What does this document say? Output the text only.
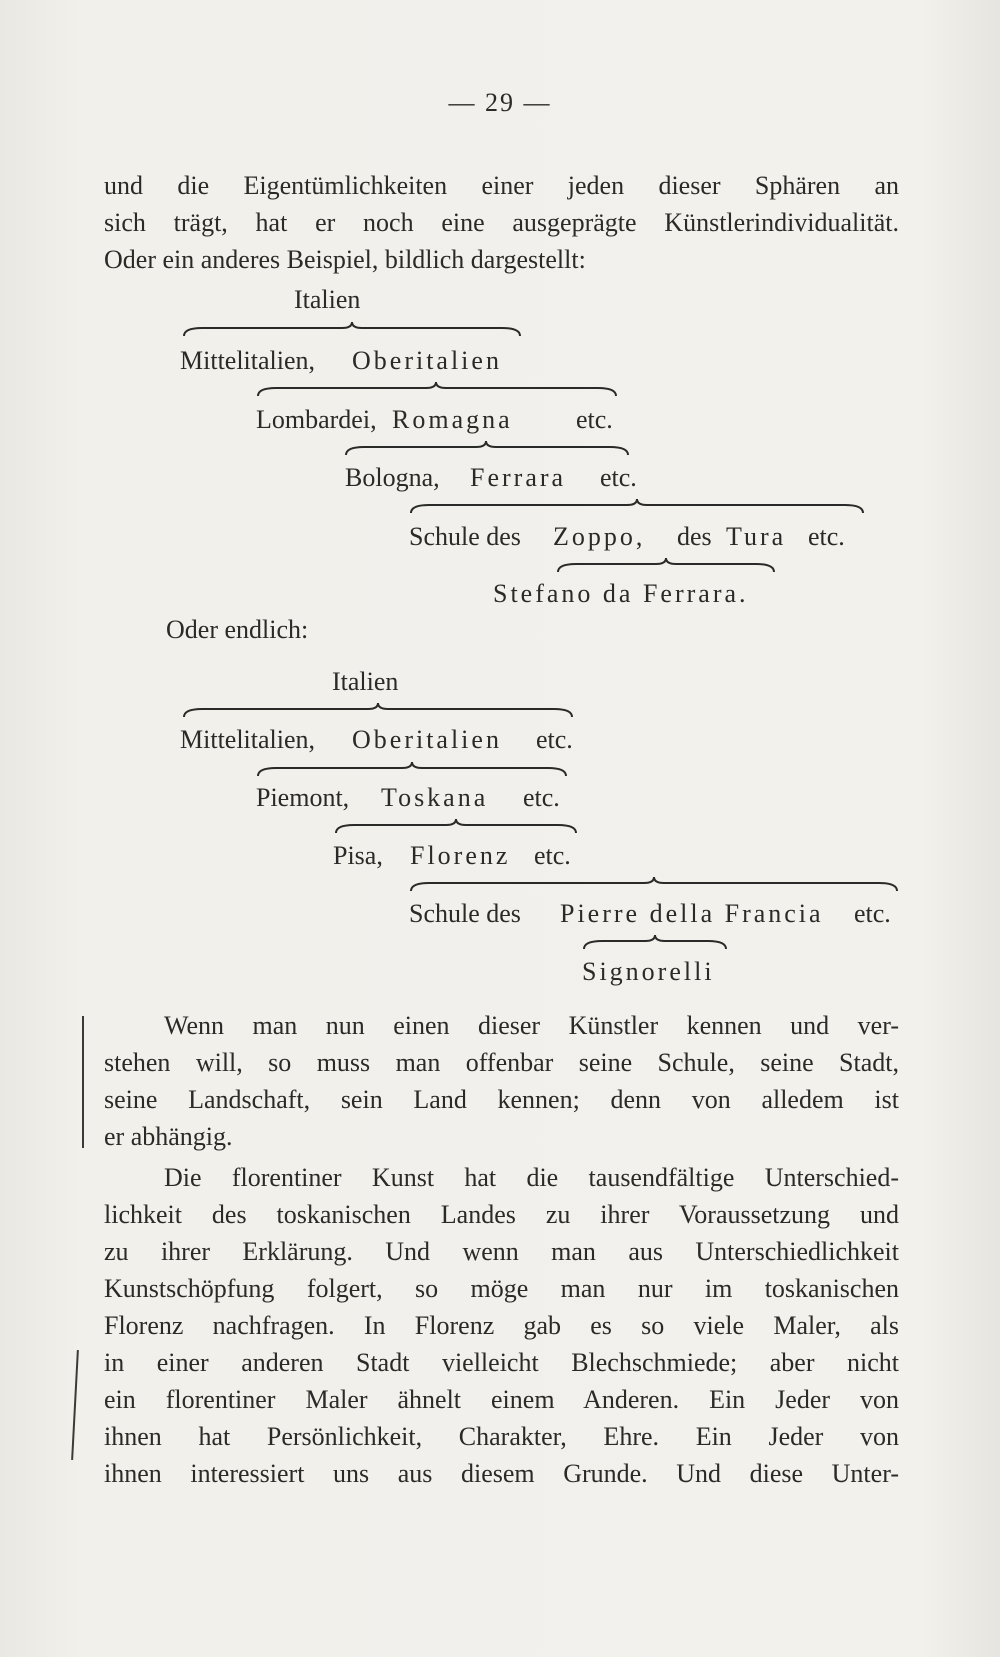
— 29 —
und die Eigentümlichkeiten einer jeden dieser Sphären an
sich trägt, hat er noch eine ausgeprägte Künstlerindividualität.
Oder ein anderes Beispiel, bildlich dargestellt:
Italien
Mittelitalien, Oberitalien
Lombardei, Romagna etc.
Bologna, Ferrara etc.
Schule des Zoppo, des Tura etc.
Stefano da Ferrara.
Oder endlich:
Italien
Mittelitalien, Oberitalien etc.
Piemont, Toskana etc.
Pisa, Florenz etc.
Schule des Pierre della Francia etc.
Signorelli
Wenn man nun einen dieser Künstler kennen und ver-
stehen will, so muss man offenbar seine Schule, seine Stadt,
seine Landschaft, sein Land kennen; denn von alledem ist
er abhängig.
Die florentiner Kunst hat die tausendfältige Unterschied-
lichkeit des toskanischen Landes zu ihrer Voraussetzung und
zu ihrer Erklärung. Und wenn man aus Unterschiedlichkeit
Kunstschöpfung folgert, so möge man nur im toskanischen
Florenz nachfragen. In Florenz gab es so viele Maler, als
in einer anderen Stadt vielleicht Blechschmiede; aber nicht
ein florentiner Maler ähnelt einem Anderen. Ein Jeder von
ihnen hat Persönlichkeit, Charakter, Ehre. Ein Jeder von
ihnen interessiert uns aus diesem Grunde. Und diese Unter-
